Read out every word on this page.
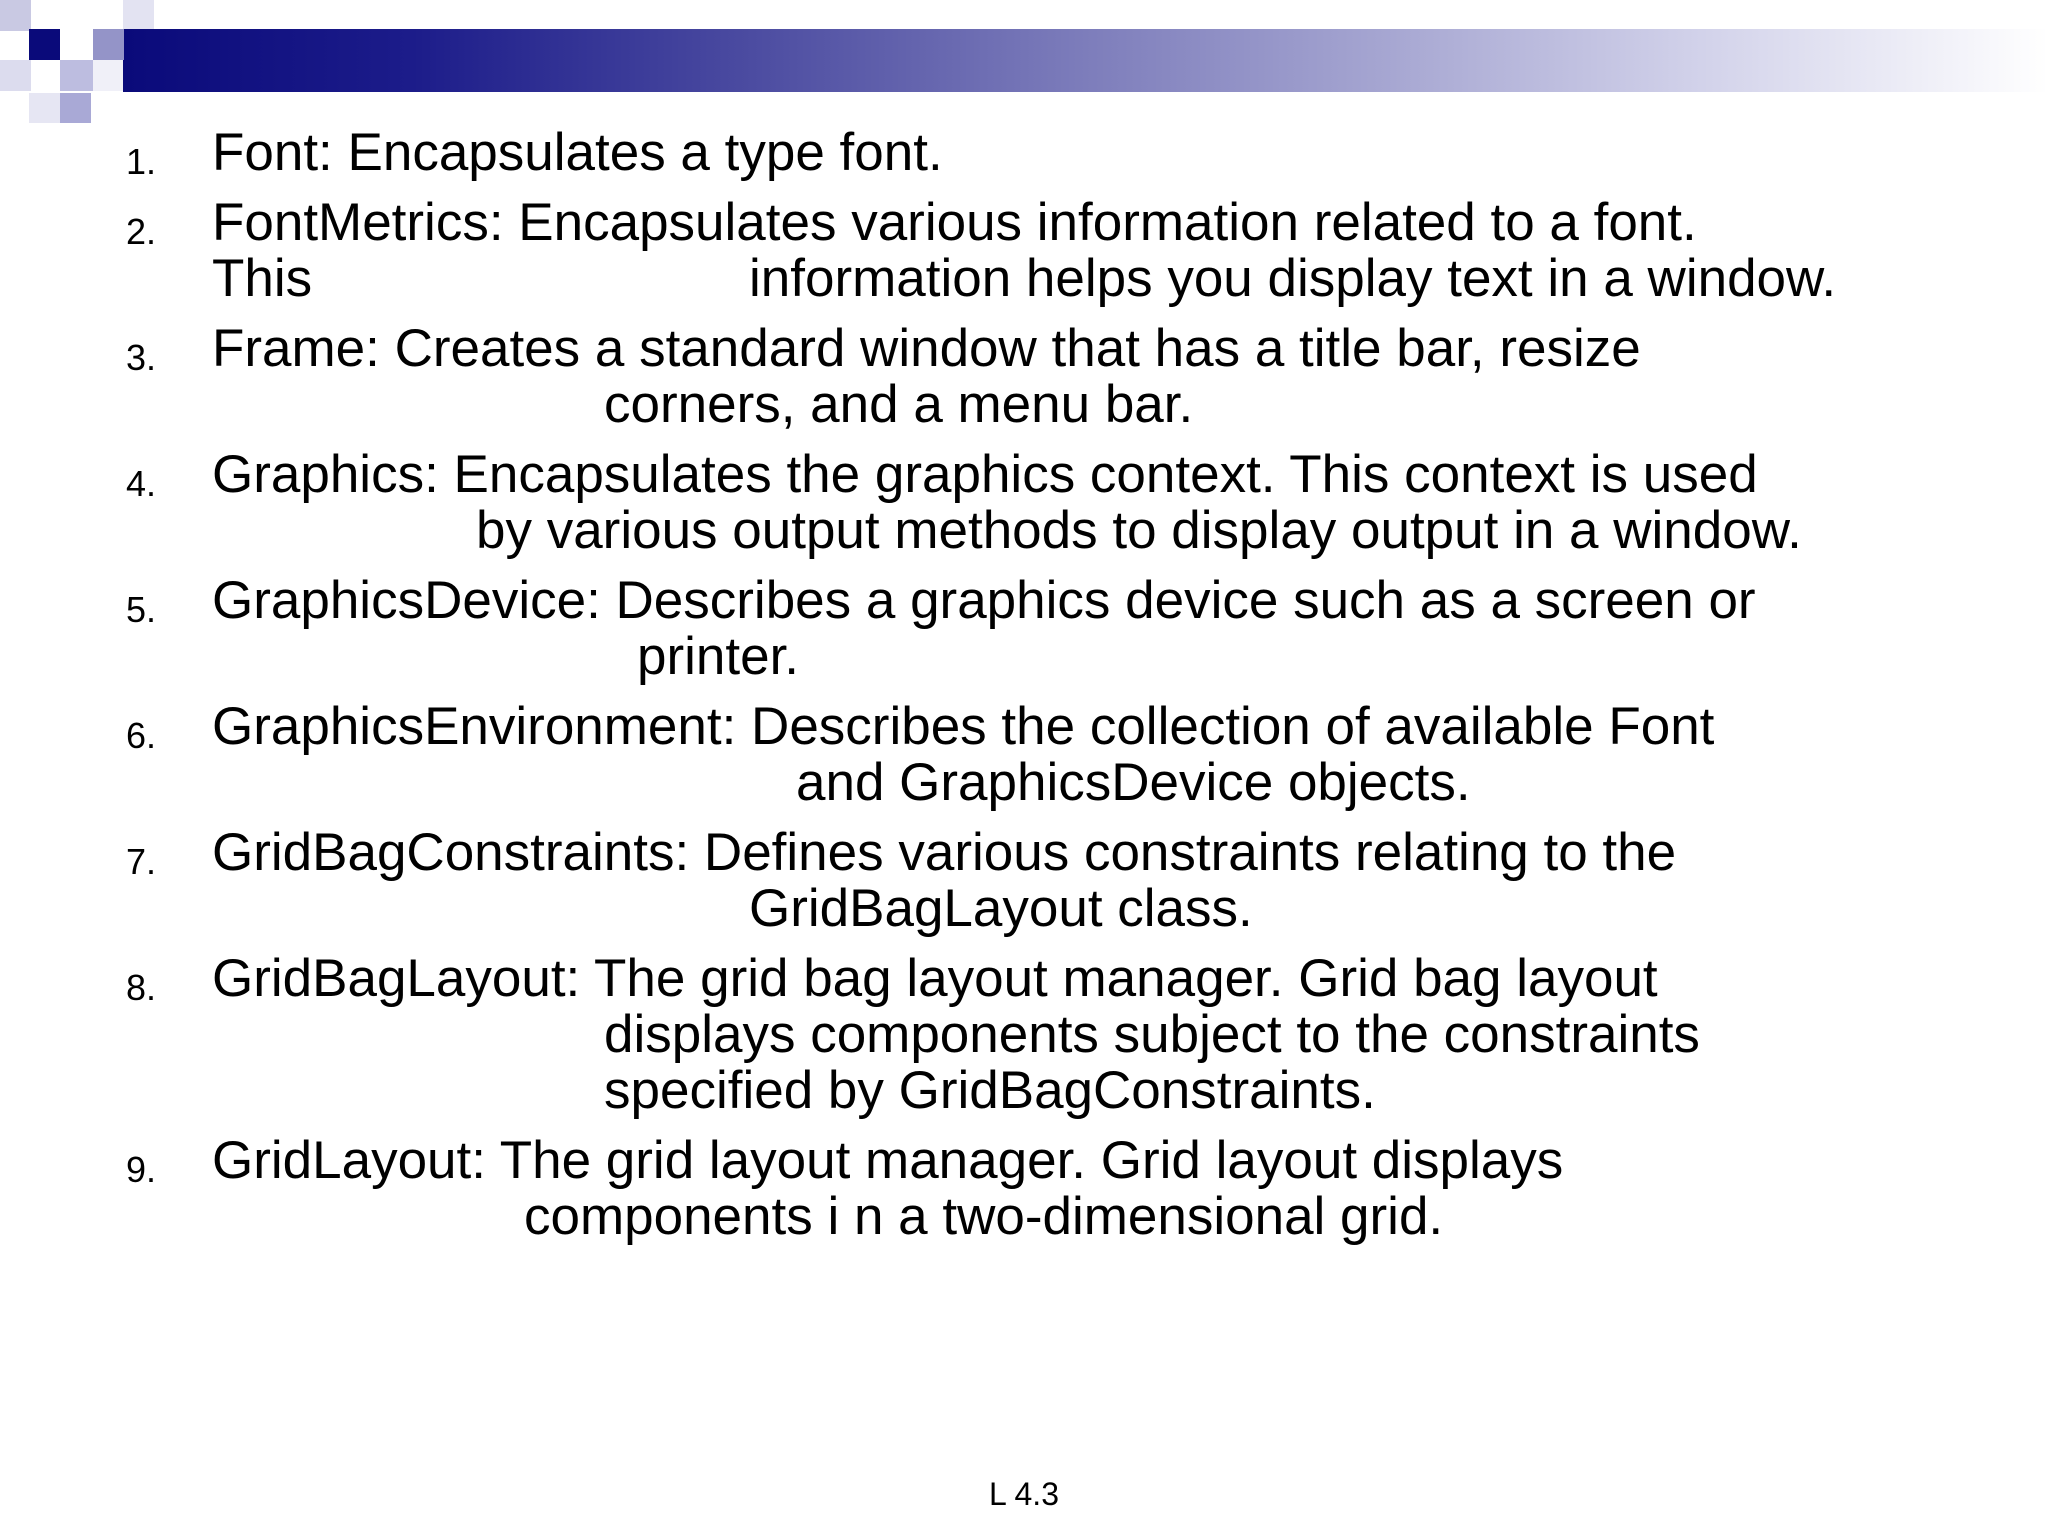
1.	Font: Encapsulates a type font.
2.	FontMetrics: Encapsulates various information related to a font.
This	information helps you display text in a window.
3.	Frame: Creates a standard window that has a title bar, resize
corners, and a menu bar.
4.	Graphics: Encapsulates the graphics context. This context is used
by various output methods to display output in a window.
5.	GraphicsDevice: Describes a graphics device such as a screen or
printer.
6.	GraphicsEnvironment: Describes the collection of available Font
and GraphicsDevice objects.
7.	GridBagConstraints: Defines various constraints relating to the
GridBagLayout class.
8.	GridBagLayout: The grid bag layout manager. Grid bag layout
displays components subject to the constraints
specified by GridBagConstraints.
9.	GridLayout: The grid layout manager. Grid layout displays
components i n a two-dimensional grid.
L 4.3
